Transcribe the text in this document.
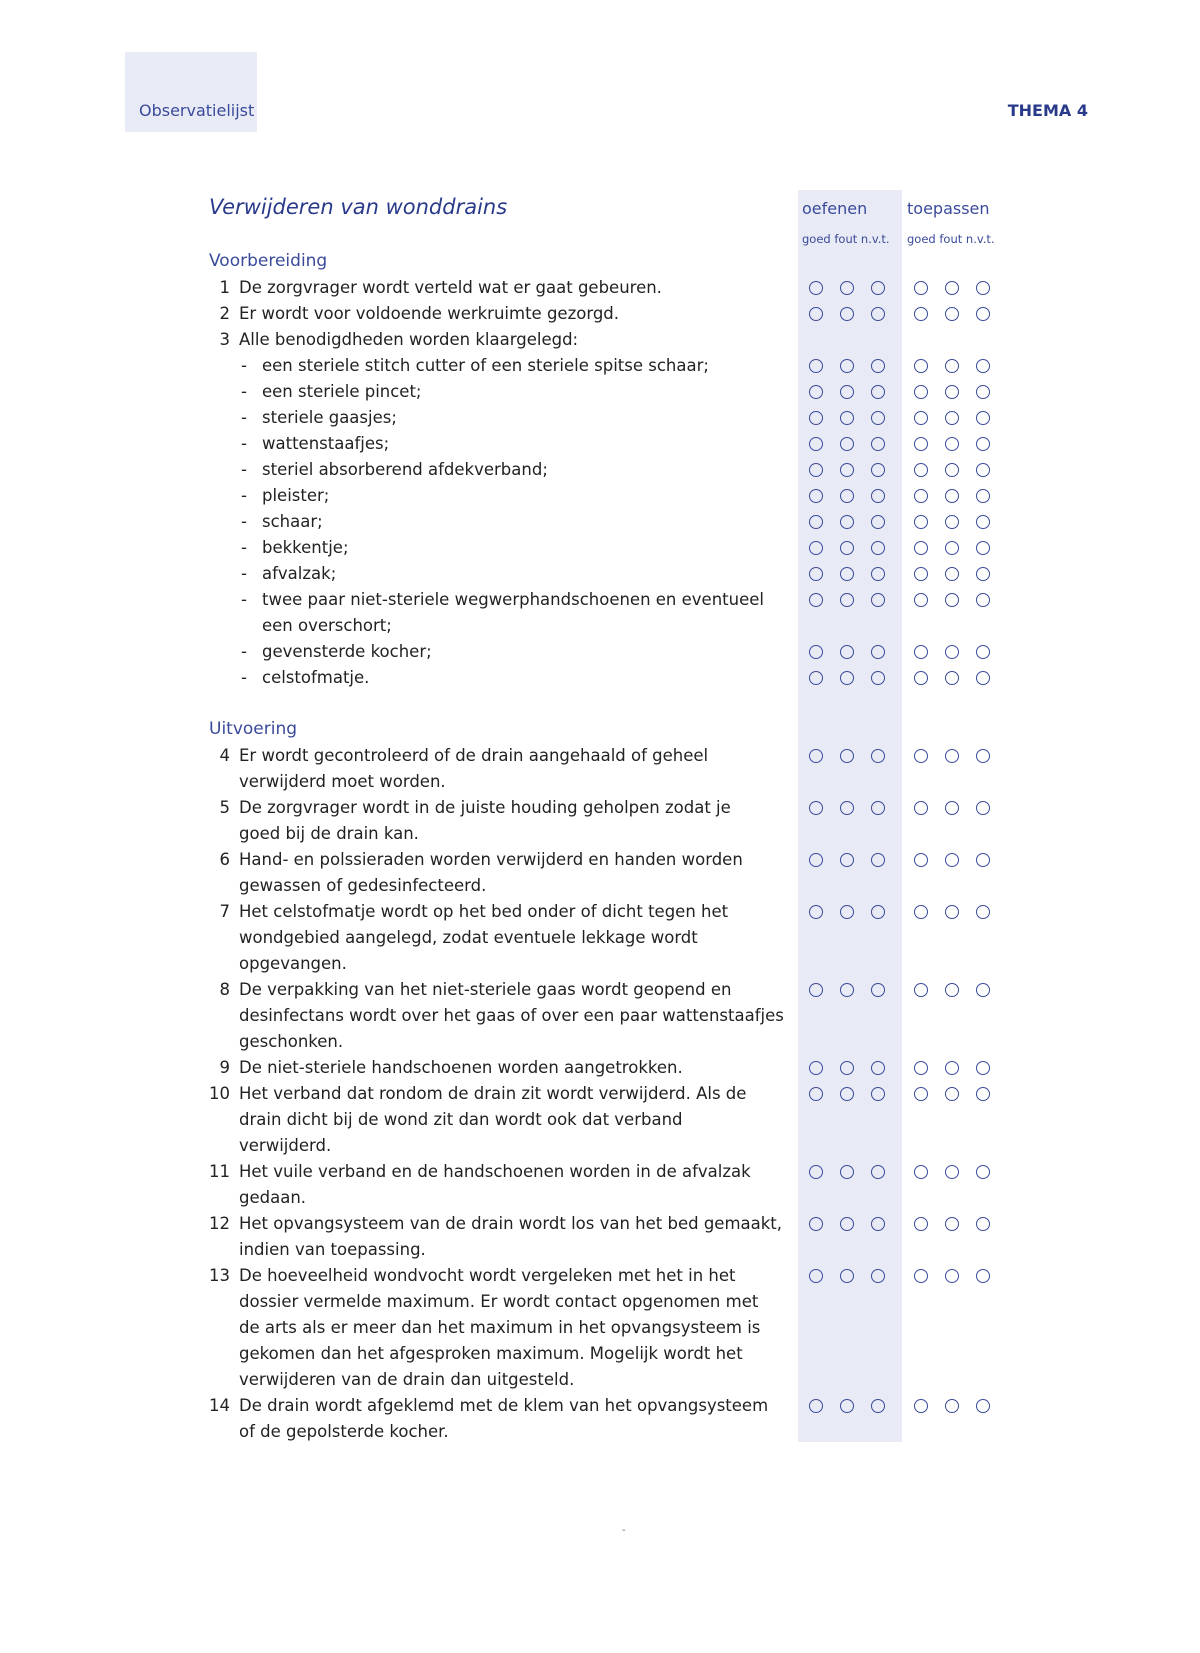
Observatielijst	THEMA 4
Verwijderen van wonddrains	oefenen toepassen
goed fout n.v.t. goed fout n.v.t.
Voorbereiding
1 De zorgvrager wordt verteld wat er gaat gebeuren.
2 Er wordt voor voldoende werkruimte gezorgd.
3 Alle benodigdheden worden klaargelegd:
- een steriele stitch cutter of een steriele spitse schaar;
- een steriele pincet;
- steriele gaasjes;
- wattenstaafjes;
- steriel absorberend afdekverband;
- pleister;
- schaar;
- bekkentje;
- afvalzak;
- twee paar niet-steriele wegwerphandschoenen en eventueel
een overschort;
- gevensterde kocher;
- celstofmatje.
Uitvoering
4 Er wordt gecontroleerd of de drain aangehaald of geheel
verwijderd moet worden.
5 De zorgvrager wordt in de juiste houding geholpen zodat je
goed bij de drain kan.
6 Hand- en polssieraden worden verwijderd en handen worden
gewassen of gedesinfecteerd.
7 Het celstofmatje wordt op het bed onder of dicht tegen het
wondgebied aangelegd, zodat eventuele lekkage wordt
opgevangen.
8 De verpakking van het niet-steriele gaas wordt geopend en
desinfectans wordt over het gaas of over een paar wattenstaafjes
geschonken.
9 De niet-steriele handschoenen worden aangetrokken.
10 Het verband dat rondom de drain zit wordt verwijderd. Als de
drain dicht bij de wond zit dan wordt ook dat verband
verwijderd.
11 Het vuile verband en de handschoenen worden in de afvalzak
gedaan.
12 Het opvangsysteem van de drain wordt los van het bed gemaakt,
indien van toepassing.
13 De hoeveelheid wondvocht wordt vergeleken met het in het
dossier vermelde maximum. Er wordt contact opgenomen met
de arts als er meer dan het maximum in het opvangsysteem is
gekomen dan het afgesproken maximum. Mogelijk wordt het
verwijderen van de drain dan uitgesteld.
14 De drain wordt afgeklemd met de klem van het opvangsysteem
of de gepolsterde kocher.
-
